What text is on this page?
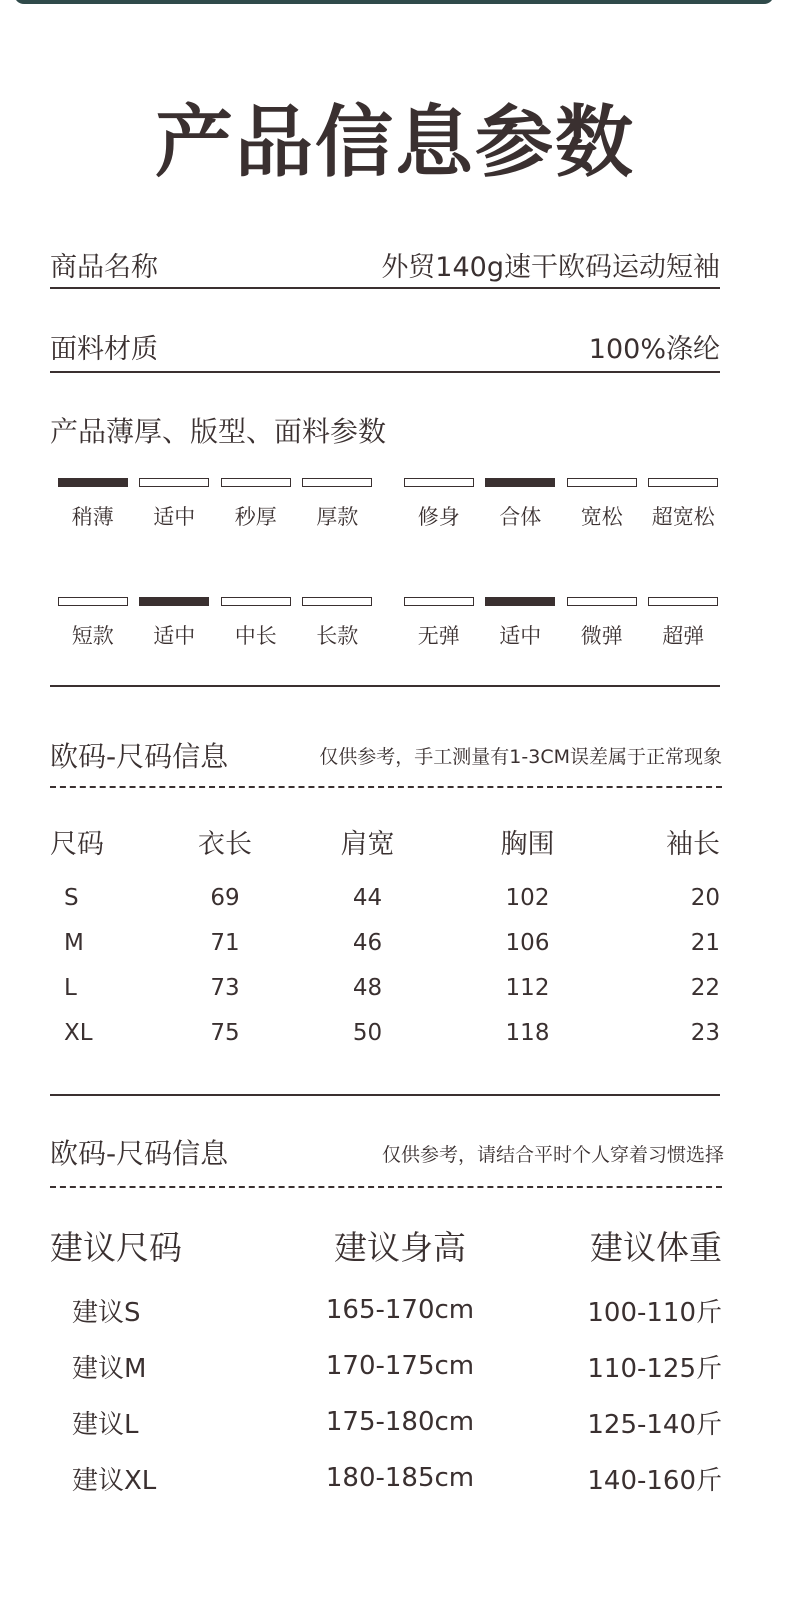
产品信息参数
商品名称	外贸140g速干欧码运动短袖
面料材质	100%涤纶
产品薄厚、版型、面料参数
稍薄 适中 秒厚 厚款	修身 合体 宽松 超宽松
短款 适中 中长 长款	无弹 适中 微弹 超弹
欧码-尺码信息	仅供参考，手工测量有1-3CM误差属于正常现象
尺码	衣长	肩宽	胸围	袖长
S	69	44	102	20
M	71	46	106	21
L	73	48	112	22
XL	75	50	118	23
欧码-尺码信息	仅供参考，请结合平时个人穿着习惯选择
建议尺码	建议身高	建议体重
建议S	165-170cm	100-110斤
建议M	170-175cm	110-125斤
建议L	175-180cm	125-140斤
建议XL	180-185cm	140-160斤
